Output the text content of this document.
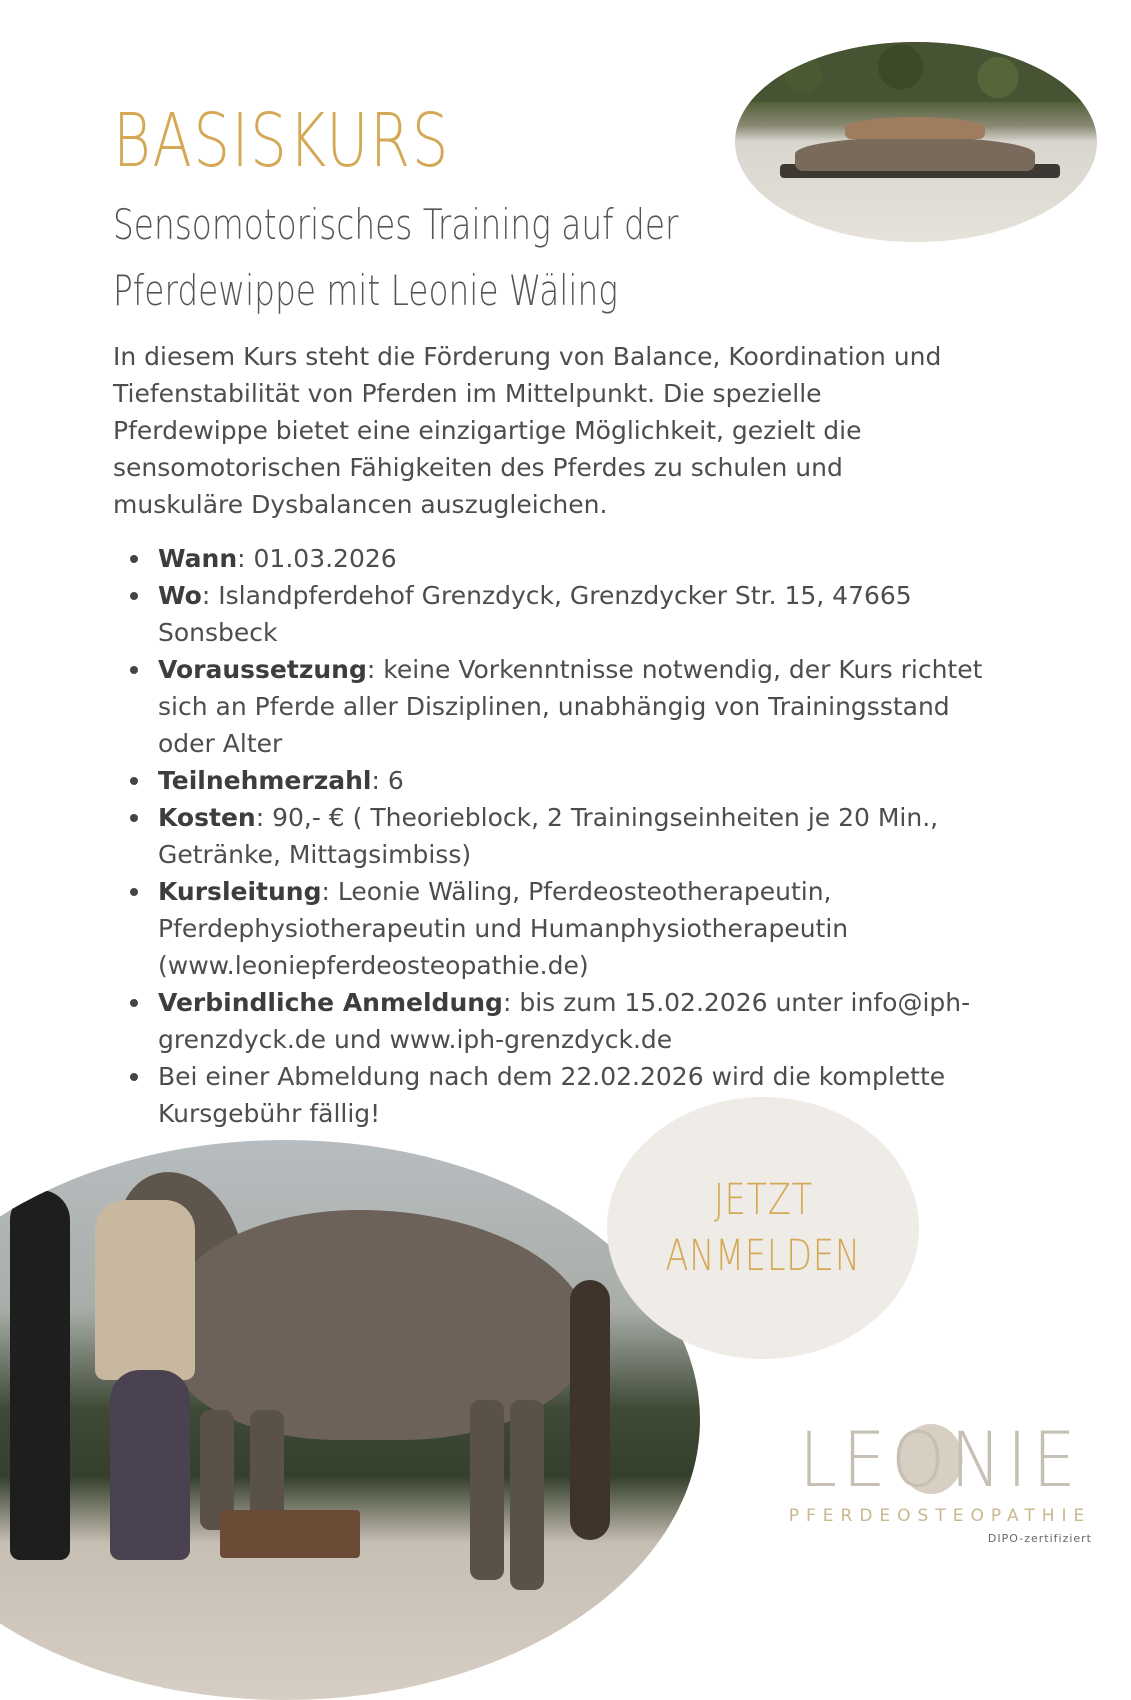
BASISKURS
Sensomotorisches Training auf der
Pferdewippe mit Leonie Wäling

In diesem Kurs steht die Förderung von Balance, Koordination und Tiefenstabilität von Pferden im Mittelpunkt. Die spezielle Pferdewippe bietet eine einzigartige Möglichkeit, gezielt die sensomotorischen Fähigkeiten des Pferdes zu schulen und muskuläre Dysbalancen auszugleichen.

Wann: 01.03.2026
Wo: Islandpferdehof Grenzdyck, Grenzdycker Str. 15, 47665 Sonsbeck
Voraussetzung: keine Vorkenntnisse notwendig, der Kurs richtet sich an Pferde aller Disziplinen, unabhängig von Trainingsstand oder Alter
Teilnehmerzahl: 6
Kosten: 90,- € ( Theorieblock, 2 Trainingseinheiten je 20 Min., Getränke, Mittagsimbiss)
Kursleitung: Leonie Wäling, Pferdeosteotherapeutin, Pferdephysiotherapeutin und Humanphysiotherapeutin (www.leoniepferdeosteopathie.de)
Verbindliche Anmeldung: bis zum 15.02.2026 unter info@iph-grenzdyck.de und www.iph-grenzdyck.de
Bei einer Abmeldung nach dem 22.02.2026 wird die komplette Kursgebühr fällig!
JETZT
ANMELDEN
LEONIE
PFERDEOSTEOPATHIE
DIPO-zertifiziert
